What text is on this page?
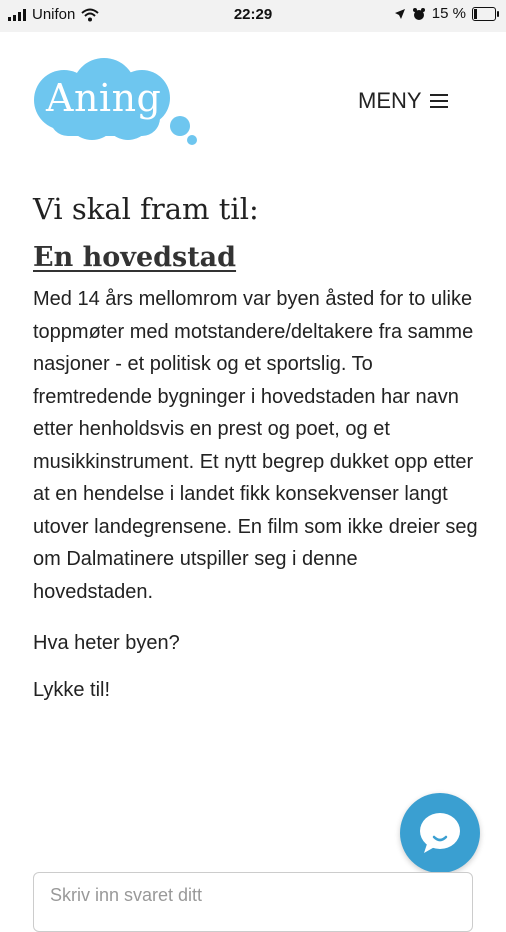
Unifon	22:29	15 %
Aning	MENY
Vi skal fram til:
En hovedstad

Med 14 års mellomrom var byen åsted for to ulike toppmøter med motstandere/deltakere fra samme nasjoner - et politisk og et sportslig. To fremtredende bygninger i hovedstaden har navn etter henholdsvis en prest og poet, og et musikkinstrument. Et nytt begrep dukket opp etter at en hendelse i landet fikk konsekvenser langt utover landegrensene. En film som ikke dreier seg om Dalmatinere utspiller seg i denne hovedstaden.

Hva heter byen?

Lykke til!

Skriv inn svaret ditt
